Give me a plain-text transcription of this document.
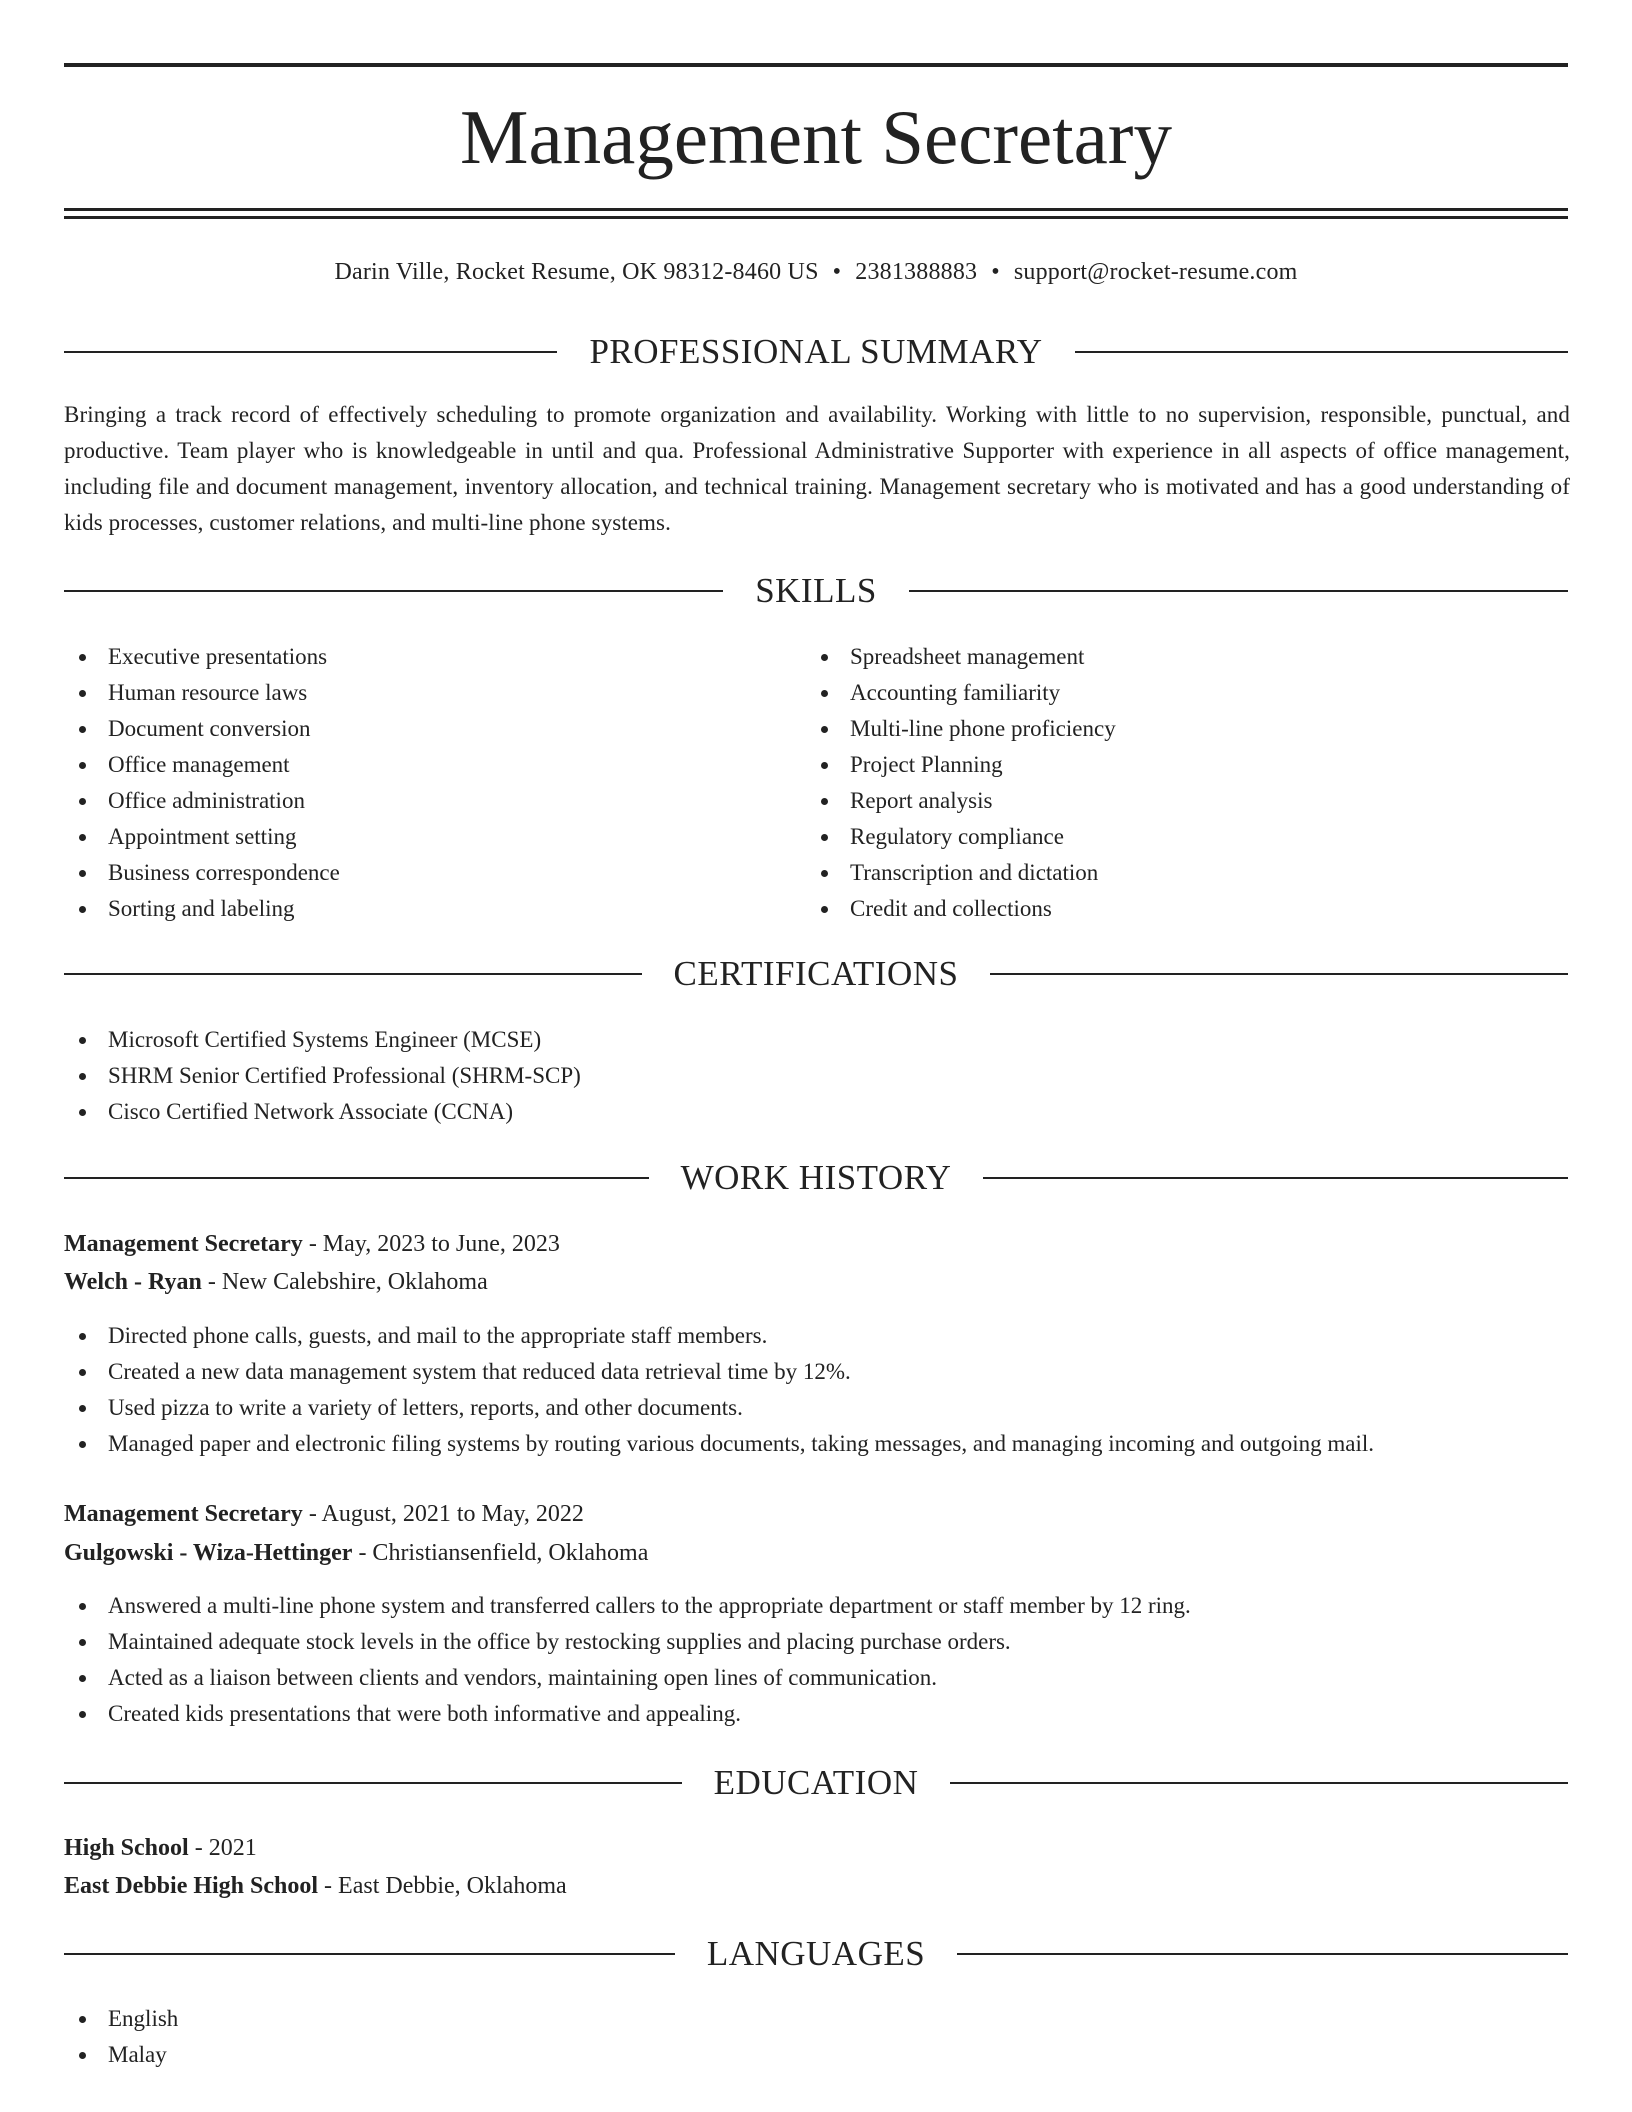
Management Secretary
Darin Ville, Rocket Resume, OK 98312-8460 US • 2381388883 • support@rocket-resume.com
PROFESSIONAL SUMMARY

Bringing a track record of effectively scheduling to promote organization and availability. Working with little to no supervision, responsible, punctual, and productive. Team player who is knowledgeable in until and qua. Professional Administrative Supporter with experience in all aspects of office management, including file and document management, inventory allocation, and technical training. Management secretary who is motivated and has a good understanding of kids processes, customer relations, and multi-line phone systems.

SKILLS
Executive presentations
Human resource laws
Document conversion
Office management
Office administration
Appointment setting
Business correspondence
Sorting and labeling
Spreadsheet management
Accounting familiarity
Multi-line phone proficiency
Project Planning
Report analysis
Regulatory compliance
Transcription and dictation
Credit and collections
CERTIFICATIONS
Microsoft Certified Systems Engineer (MCSE)
SHRM Senior Certified Professional (SHRM-SCP)
Cisco Certified Network Associate (CCNA)
WORK HISTORY
Management Secretary - May, 2023 to June, 2023
Welch - Ryan - New Calebshire, Oklahoma
Directed phone calls, guests, and mail to the appropriate staff members.
Created a new data management system that reduced data retrieval time by 12%.
Used pizza to write a variety of letters, reports, and other documents.
Managed paper and electronic filing systems by routing various documents, taking messages, and managing incoming and outgoing mail.
Management Secretary - August, 2021 to May, 2022
Gulgowski - Wiza-Hettinger - Christiansenfield, Oklahoma
Answered a multi-line phone system and transferred callers to the appropriate department or staff member by 12 ring.
Maintained adequate stock levels in the office by restocking supplies and placing purchase orders.
Acted as a liaison between clients and vendors, maintaining open lines of communication.
Created kids presentations that were both informative and appealing.
EDUCATION
High School - 2021
East Debbie High School - East Debbie, Oklahoma
LANGUAGES
English
Malay
